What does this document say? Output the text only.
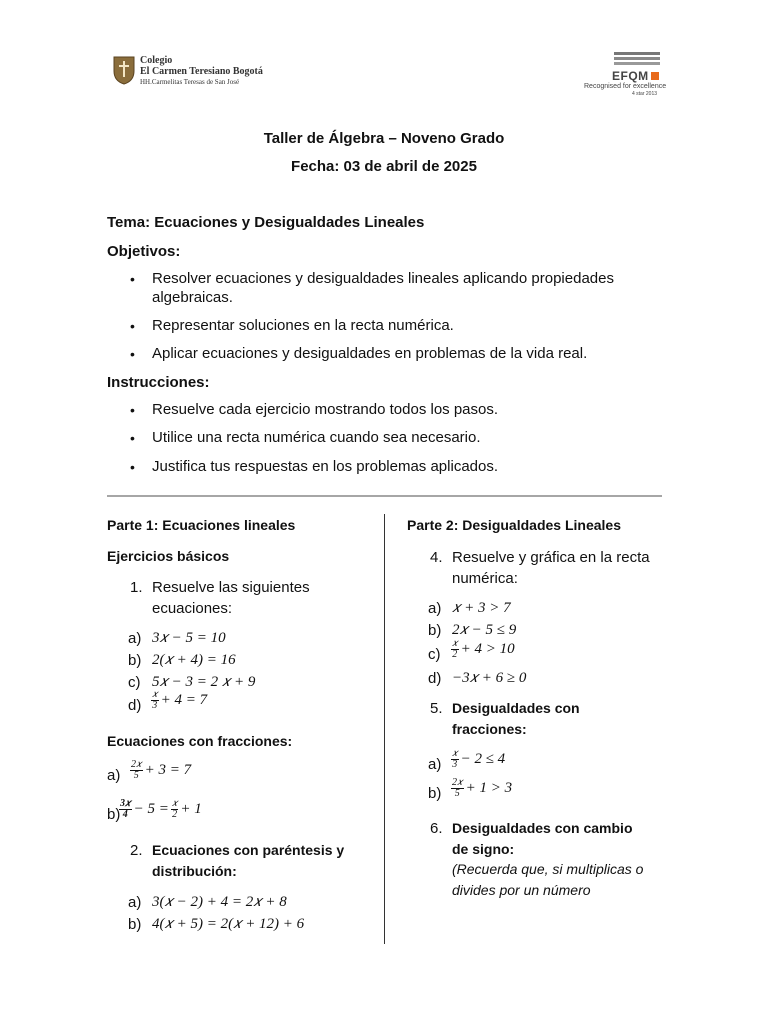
Colegio
El Carmen Teresiano Bogotá
HH.Carmelitas Teresas de San José	EFQM
Recognised for excellence
4 star 2013
Taller de Álgebra – Noveno Grado
Fecha: 03 de abril de 2025
Tema: Ecuaciones y Desigualdades Lineales
Objetivos:
• Resolver ecuaciones y desigualdades lineales aplicando propiedades
algebraicas.
• Representar soluciones en la recta numérica.
• Aplicar ecuaciones y desigualdades en problemas de la vida real.
Instrucciones:
• Resuelve cada ejercicio mostrando todos los pasos.
• Utilice una recta numérica cuando sea necesario.
• Justifica tus respuestas en los problemas aplicados.
Parte 1: Ecuaciones lineales
Ejercicios básicos
1. Resuelve las siguientes
ecuaciones:
a) 3𝑥 − 5 = 10
b) 2(𝑥 + 4) = 16
c) 5𝑥 − 3 = 2 𝑥 + 9
$d) \frac{\text{𝑥}}{3} + 4 = 7$
Ecuaciones con fracciones:
$a) \frac{\text{2𝑥}}{5} + 3 = 7$
b)
$\frac{\text{3𝑥}}{4} - 5 = \frac{\text{𝑥}}{2} + 1$
2. Ecuaciones con paréntesis y
distribución:
a) 3(𝑥 − 2) + 4 = 2𝑥 + 8
b) 4(𝑥 + 5) = 2(𝑥 + 12) + 6
Parte 2: Desigualdades Lineales
4. Resuelve y gráfica en la recta
numérica:
a) 𝑥 + 3 > 7
b) 2𝑥 − 5 ≤ 9
$c) \frac{\text{𝑥}}{2} + 4 > 10$
d) −3𝑥 + 6 ≥ 0
5. Desigualdades con
fracciones:
$a) \frac{\text{𝑥}}{3} - 2 \le 4$
$b) \frac{\text{2𝑥}}{5} + 1 > 3$
6. Desigualdades con cambio
de signo:
(Recuerda que, si multiplicas o
divides por un número
